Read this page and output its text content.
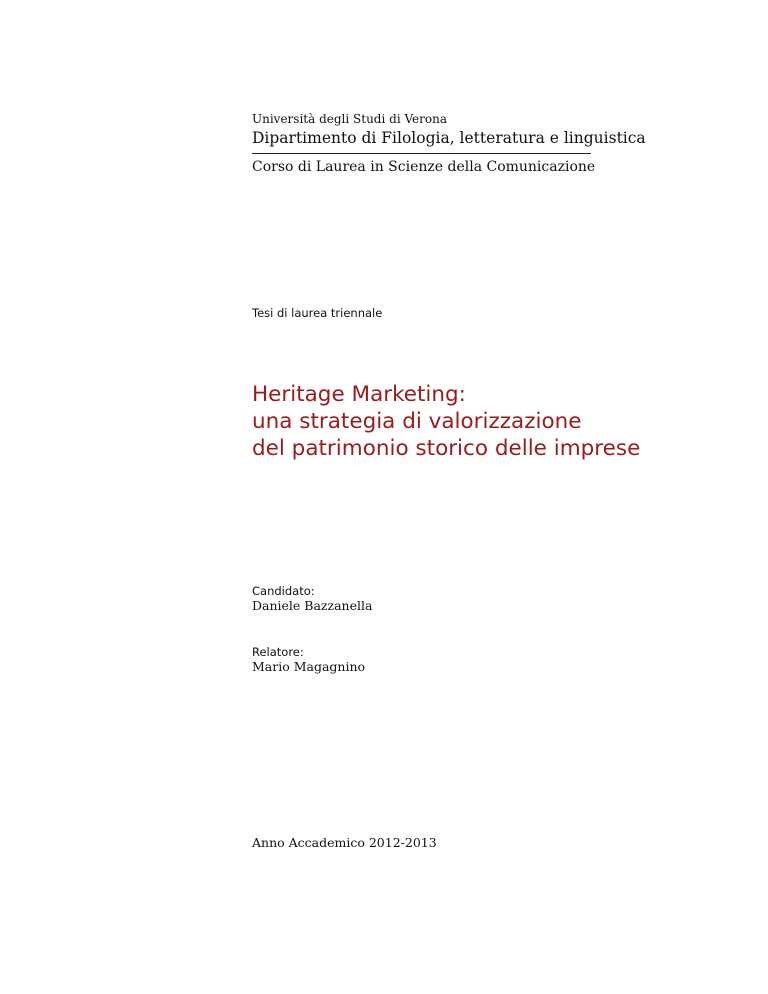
Università degli Studi di Verona
Dipartimento di Filologia, letteratura e linguistica
Corso di Laurea in Scienze della Comunicazione
Tesi di laurea triennale
Heritage Marketing:
una strategia di valorizzazione
del patrimonio storico delle imprese
Candidato:
Daniele Bazzanella
Relatore:
Mario Magagnino
Anno Accademico 2012-2013
